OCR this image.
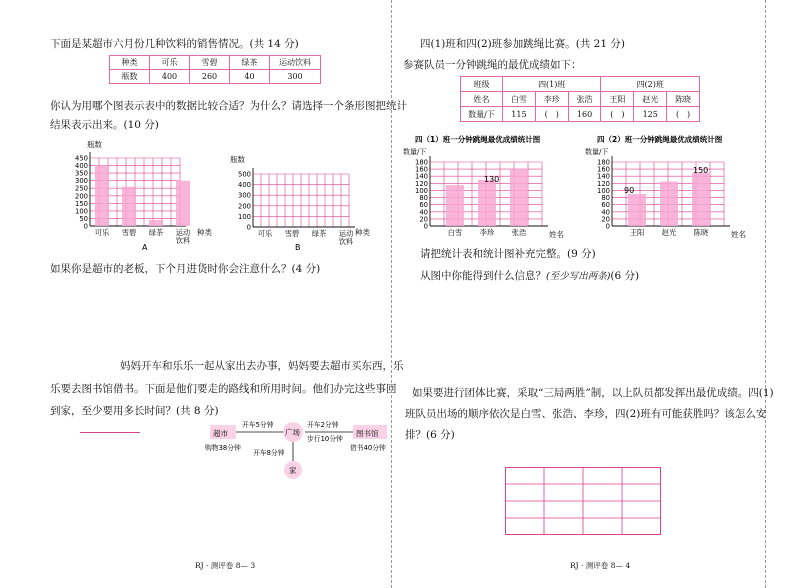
下面是某超市六月份几种饮料的销售情况。(共 14 分)
种类	可乐	雪碧	绿茶	运动饮料
瓶数	400	260	40	300
你认为用哪个图表示表中的数据比较合适？为什么？请选择一个条形图把统计
结果表示出来。(10 分)
瓶数
0
50
100
150
200
250
300
350
400
450
可乐 雪碧 绿茶 运动
饮料
种类
A
瓶数
0
100
200
300
400
500
可乐 雪碧 绿茶 运动
饮料
种类
B
如果你是超市的老板，下个月进货时你会注意什么？(4 分)
妈妈开车和乐乐一起从家出去办事，妈妈要去超市买东西，乐
乐要去图书馆借书。下面是他们要走的路线和所用时间。他们办完这些事回
到家，至少要用多长时间？(共 8 分)
超市	广场	图书馆
家
开车5分钟	开车2分钟
步行10分钟
开车8分钟
购物38分钟	借书40分钟
RJ · 测评卷 8— 3
四(1)班和四(2)班参加跳绳比赛。(共 21 分)
参赛队员一分钟跳绳的最优成绩如下：
班级	四(1)班			四(2)班		
姓名	白雪	李珍	张浩	王阳	赵光	陈晓
数量/下	115	(　)	160	(　)	125	(　)
四（1）班一分钟跳绳最优成绩统计图
数量/下
0
20
40
60
80
100
120
140
160
180
白雪 李珍 张浩	姓名
130
四（2）班一分钟跳绳最优成绩统计图
数量/下
0
20
40
60
80
100
120
140
160
180
王阳 赵光 陈晓	姓名
90
150
请把统计表和统计图补充完整。(9 分)
从图中你能得到什么信息？(至少写出两条)(6 分)
如果要进行团体比赛，采取“三局两胜”制，以上队员都发挥出最优成绩。四(1)
班队员出场的顺序依次是白雪、张浩、李珍，四(2)班有可能获胜吗？该怎么安
排？(6 分)
RJ · 测评卷 8— 4
